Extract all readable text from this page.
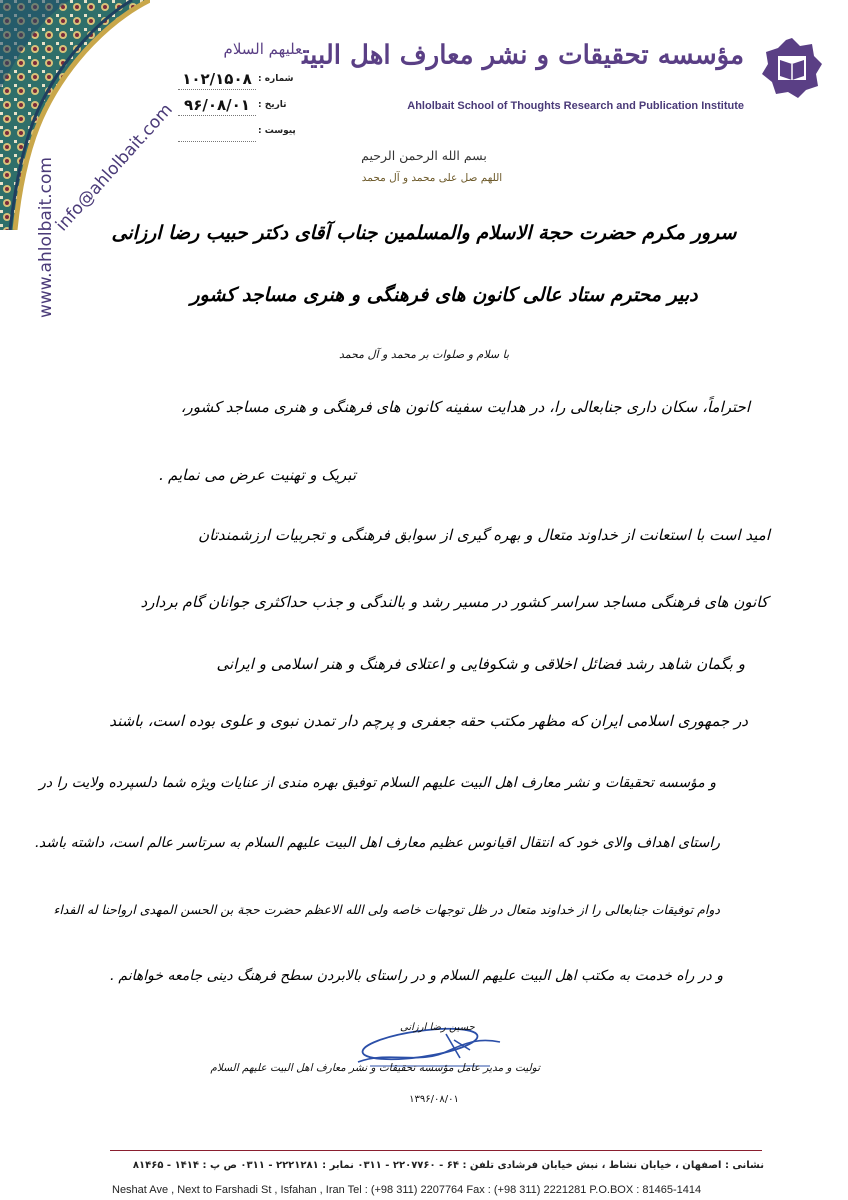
www.ahlolbait.com
info@ahlolbait.com
مؤسسه تحقیقات و نشر معارف اهل البیت$^{علیهم السلام}$
Ahlolbait School of Thoughts Research and Publication Institute
۱۰۲/۱۵۰۸ شماره :
۹۶/۰۸/۰۱ تاریخ :
پیوست :
بسم الله الرحمن الرحیم
اللهم صل علی محمد و آل محمد
سرور مکرم حضرت حجة الاسلام والمسلمین جناب آقای دکتر حبیب رضا ارزانی
دبیر محترم ستاد عالی کانون های فرهنگی و هنری مساجد کشور
با سلام و صلوات بر محمد و آل محمد
احتراماً، سکان داری جنابعالی را، در هدایت سفینه کانون های فرهنگی و هنری مساجد کشور،
تبریک و تهنیت عرض می نمایم .
امید است با استعانت از خداوند متعال و بهره گیری از سوابق فرهنگی و تجربیات ارزشمندتان
کانون های فرهنگی مساجد سراسر کشور در مسیر رشد و بالندگی و جذب حداکثری جوانان گام بردارد
و بگمان شاهد رشد فضائل اخلاقی و شکوفایی و اعتلای فرهنگ و هنر اسلامی و ایرانی
در جمهوری اسلامی ایران که مظهر مکتب حقه جعفری و پرچم دار تمدن نبوی و علوی بوده است، باشند
و مؤسسه تحقیقات و نشر معارف اهل البیت علیهم السلام توفیق بهره مندی از عنایات ویژه شما دلسپرده ولایت را در
راستای اهداف والای خود که انتقال اقیانوس عظیم معارف اهل البیت علیهم السلام به سرتاسر عالم است، داشته باشد.
دوام توفیقات جنابعالی را از خداوند متعال در ظل توجهات خاصه ولی الله الاعظم حضرت حجة بن الحسن المهدی ارواحنا له الفداء
و در راه خدمت به مکتب اهل البیت علیهم السلام و در راستای بالابردن سطح فرهنگ دینی جامعه خواهانم .
حسین رضا ارزانی
تولیت و مدیر عامل مؤسسه تحقیقات و نشر معارف اهل البیت علیهم السلام
۱۳۹۶/۰۸/۰۱
نشانی : اصفهان ، خیابان نشاط ، نبش خیابان فرشادی تلفن : ۶۴ - ۲۲۰۷۷۶۰ - ۰۳۱۱ نمابر : ۲۲۲۱۲۸۱ - ۰۳۱۱ ص پ : ۱۴۱۴ - ۸۱۴۶۵
Neshat Ave , Next to Farshadi St , Isfahan , Iran Tel : (+98 311) 2207764 Fax : (+98 311) 2221281 P.O.BOX : 81465-1414
